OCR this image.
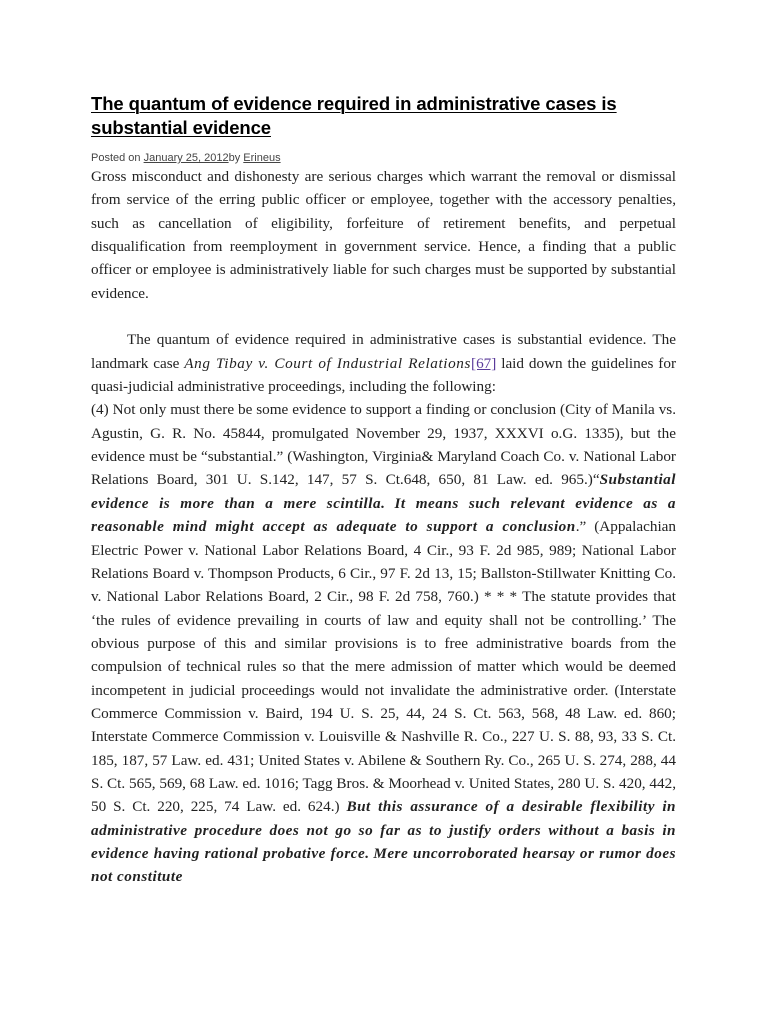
The quantum of evidence required in administrative cases is substantial evidence
Posted on January 25, 2012by Erineus

Gross misconduct and dishonesty are serious charges which warrant the removal or dismissal from service of the erring public officer or employee, together with the accessory penalties, such as cancellation of eligibility, forfeiture of retirement benefits, and perpetual disqualification from reemployment in government service. Hence, a finding that a public officer or employee is administratively liable for such charges must be supported by substantial evidence.

The quantum of evidence required in administrative cases is substantial evidence. The landmark case Ang Tibay v. Court of Industrial Relations[67] laid down the guidelines for quasi-judicial administrative proceedings, including the following:

(4) Not only must there be some evidence to support a finding or conclusion (City of Manila vs. Agustin, G. R. No. 45844, promulgated November 29, 1937, XXXVI o.G. 1335), but the evidence must be “substantial.” (Washington, Virginia& Maryland Coach Co. v. National Labor Relations Board, 301 U. S.142, 147, 57 S. Ct.648, 650, 81 Law. ed. 965.)“Substantial evidence is more than a mere scintilla. It means such relevant evidence as a reasonable mind might accept as adequate to support a conclusion.” (Appalachian Electric Power v. National Labor Relations Board, 4 Cir., 93 F. 2d 985, 989; National Labor Relations Board v. Thompson Products, 6 Cir., 97 F. 2d 13, 15; Ballston-Stillwater Knitting Co. v. National Labor Relations Board, 2 Cir., 98 F. 2d 758, 760.) * * * The statute provides that ‘the rules of evidence prevailing in courts of law and equity shall not be controlling.’ The obvious purpose of this and similar provisions is to free administrative boards from the compulsion of technical rules so that the mere admission of matter which would be deemed incompetent in judicial proceedings would not invalidate the administrative order. (Interstate Commerce Commission v. Baird, 194 U. S. 25, 44, 24 S. Ct. 563, 568, 48 Law. ed. 860; Interstate Commerce Commission v. Louisville & Nashville R. Co., 227 U. S. 88, 93, 33 S. Ct. 185, 187, 57 Law. ed. 431; United States v. Abilene & Southern Ry. Co., 265 U. S. 274, 288, 44 S. Ct. 565, 569, 68 Law. ed. 1016; Tagg Bros. & Moorhead v. United States, 280 U. S. 420, 442, 50 S. Ct. 220, 225, 74 Law. ed. 624.) But this assurance of a desirable flexibility in administrative procedure does not go so far as to justify orders without a basis in evidence having rational probative force. Mere uncorroborated hearsay or rumor does not constitute
